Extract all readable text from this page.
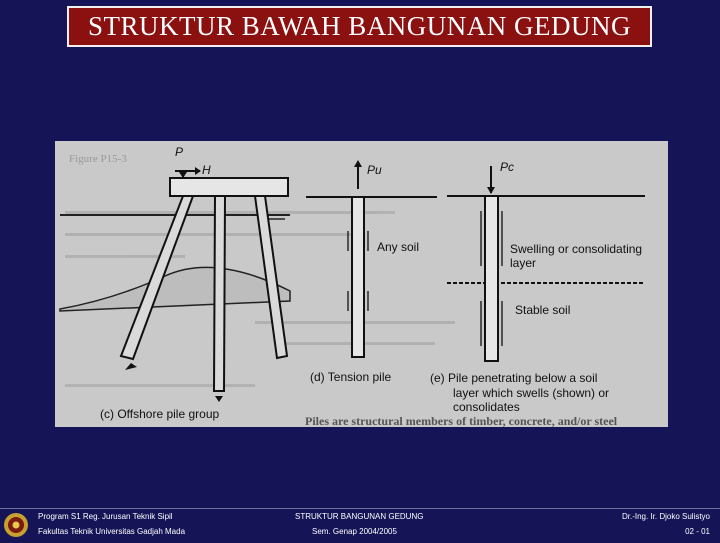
STRUKTUR BAWAH BANGUNAN GEDUNG
Figure P15-3	P
H
(c) Offshore pile group
Pu
Any soil
(d) Tension pile
Pc
Swelling or consolidating
layer
Stable soil
(e) Pile penetrating below a soil
layer which swells (shown) or
consolidates
Piles are structural members of timber, concrete, and/or steel
Program S1 Reg. Jurusan Teknik Sipil
Fakultas Teknik Universitas Gadjah Mada
STRUKTUR BANGUNAN GEDUNG
Sem. Genap 2004/2005
Dr.-Ing. Ir. Djoko Sulistyo
02 - 01
